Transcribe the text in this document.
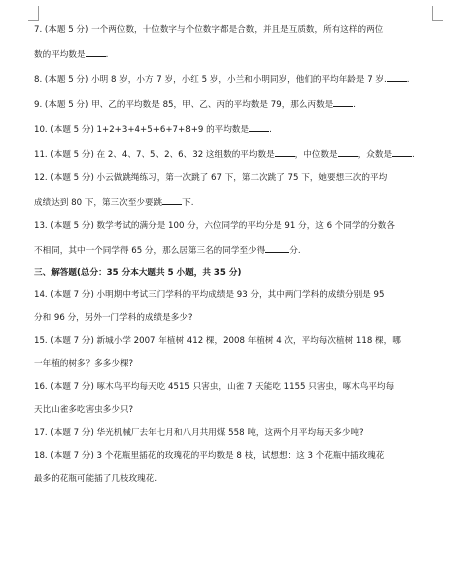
7. (本题 5 分) 一个两位数，十位数字与个位数字都是合数，并且是互质数，所有这样的两位
数的平均数是 .
8. (本题 5 分) 小明 8 岁，小方 7 岁，小红 5 岁，小兰和小明同岁，他们的平均年龄是 7 岁. .
9. (本题 5 分) 甲、乙的平均数是 85，甲、乙、丙的平均数是 79，那么丙数是 .
10. (本题 5 分) 1+2+3+4+5+6+7+8+9 的平均数是 .
11. (本题 5 分) 在 2、4、7、5、2、6、32 这组数的平均数是 ，中位数是 ，众数是 .
12. (本题 5 分) 小云做跳绳练习，第一次跳了 67 下，第二次跳了 75 下，她要想三次的平均
成绩达到 80 下，第三次至少要跳 下.
13. (本题 5 分) 数学考试的满分是 100 分，六位同学的平均分是 91 分，这 6 个同学的分数各
不相同，其中一个同学得 65 分，那么居第三名的同学至少得	分.
三、解答题(总分：35 分本大题共 5 小题，共 35 分)
14. (本题 7 分) 小明期中考试三门学科的平均成绩是 93 分，其中两门学科的成绩分别是 95
分和 96 分，另外一门学科的成绩是多少?
15. (本题 7 分) 新城小学 2007 年植树 412 棵，2008 年植树 4 次，平均每次植树 118 棵，哪
一年植的树多？多多少棵?
16. (本题 7 分) 啄木鸟平均每天吃 4515 只害虫，山雀 7 天能吃 1155 只害虫，啄木鸟平均每
天比山雀多吃害虫多少只?
17. (本题 7 分) 华光机械厂去年七月和八月共用煤 558 吨，这两个月平均每天多少吨?
18. (本题 7 分) 3 个花瓶里插花的玫瑰花的平均数是 8 枝，试想想：这 3 个花瓶中插玫瑰花
最多的花瓶可能插了几枝玫瑰花.
